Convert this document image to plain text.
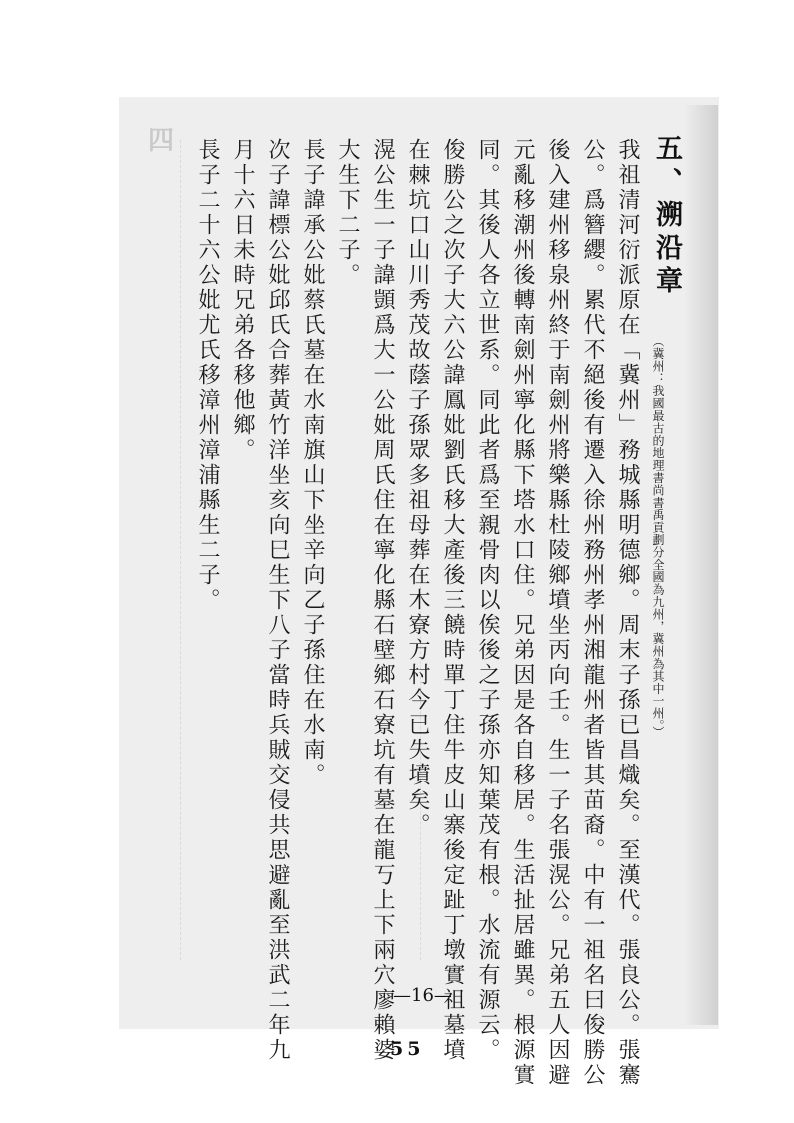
四	五、溯沿章
（冀州：我國最古的地理書尚書禹貢劃分全國為九州，冀州為其中一州。）
我祖清河衍派原在「冀州」務城縣明德鄉。周末子孫已昌熾矣。至漢代。張良公。張騫
公。爲簪纓。累代不絕後有遷入徐州務州孝州湘龍州者皆其苗裔。中有一祖名曰俊勝公
後入建州移泉州終于南劍州將樂縣杜陵鄉墳坐丙向壬。生一子名張滉公。兄弟五人因避
元亂移潮州後轉南劍州寧化縣下塔水口住。兄弟因是各自移居。生活扯居雖異。根源實
同。其後人各立世系。同此者爲至親骨肉以俟後之子孫亦知葉茂有根。水流有源云。
俊勝公之次子大六公諱鳳妣劉氏移大產後三饒時單丁住牛皮山寨後定趾丁墩實祖墓墳
在棘坑口山川秀茂故蔭子孫眾多祖母葬在木寮方村今已失墳矣。
滉公生一子諱顗爲大一公妣周氏住在寧化縣石壁鄉石寮坑有墓在龍丂上下兩穴廖賴婆
大生下二子。
長子諱承公妣蔡氏墓在水南旗山下坐辛向乙子孫住在水南。
次子諱標公妣邱氏合葬黃竹洋坐亥向巳生下八子當時兵賊交侵共思避亂至洪武二年九
月十六日未時兄弟各移他鄉。
長子二十六公妣尤氏移漳州漳浦縣生二子。
—16—
55
